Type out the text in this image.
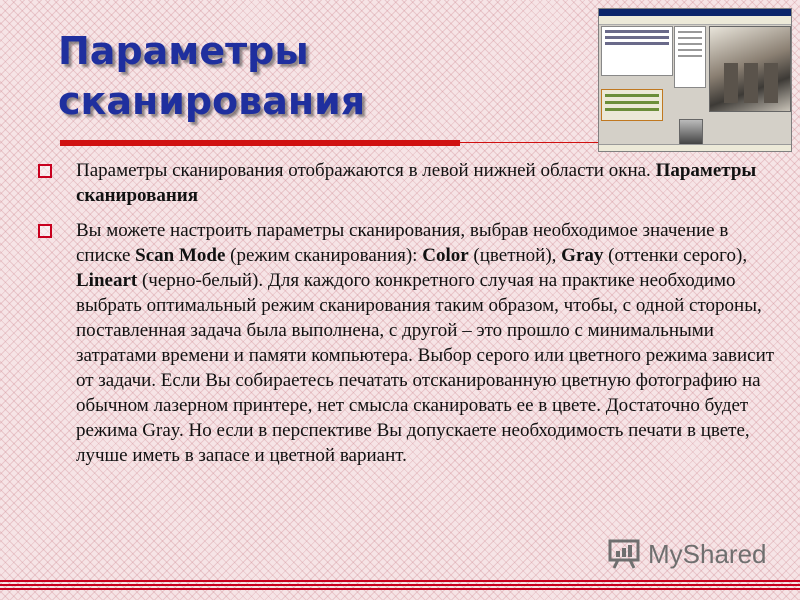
Параметры
сканирования
Параметры сканирования отображаются в левой нижней области окна. Параметры сканирования
Вы можете настроить параметры сканирования, выбрав необходимое значение в списке Scan Mode (режим сканирования): Color (цветной), Gray (оттенки серого), Lineart (черно-белый). Для каждого конкретного случая на практике необходимо выбрать оптимальный режим сканирования таким образом, чтобы, с одной стороны, поставленная задача была выполнена, с другой – это прошло с минимальными затратами времени и памяти компьютера. Выбор серого или цветного режима зависит от задачи. Если Вы собираетесь печатать отсканированную цветную фотографию на обычном лазерном принтере, нет смысла сканировать ее в цвете. Достаточно будет режима Gray. Но если в перспективе Вы допускаете необходимость печати в цвете, лучше иметь в запасе и цветной вариант.
My Shared
